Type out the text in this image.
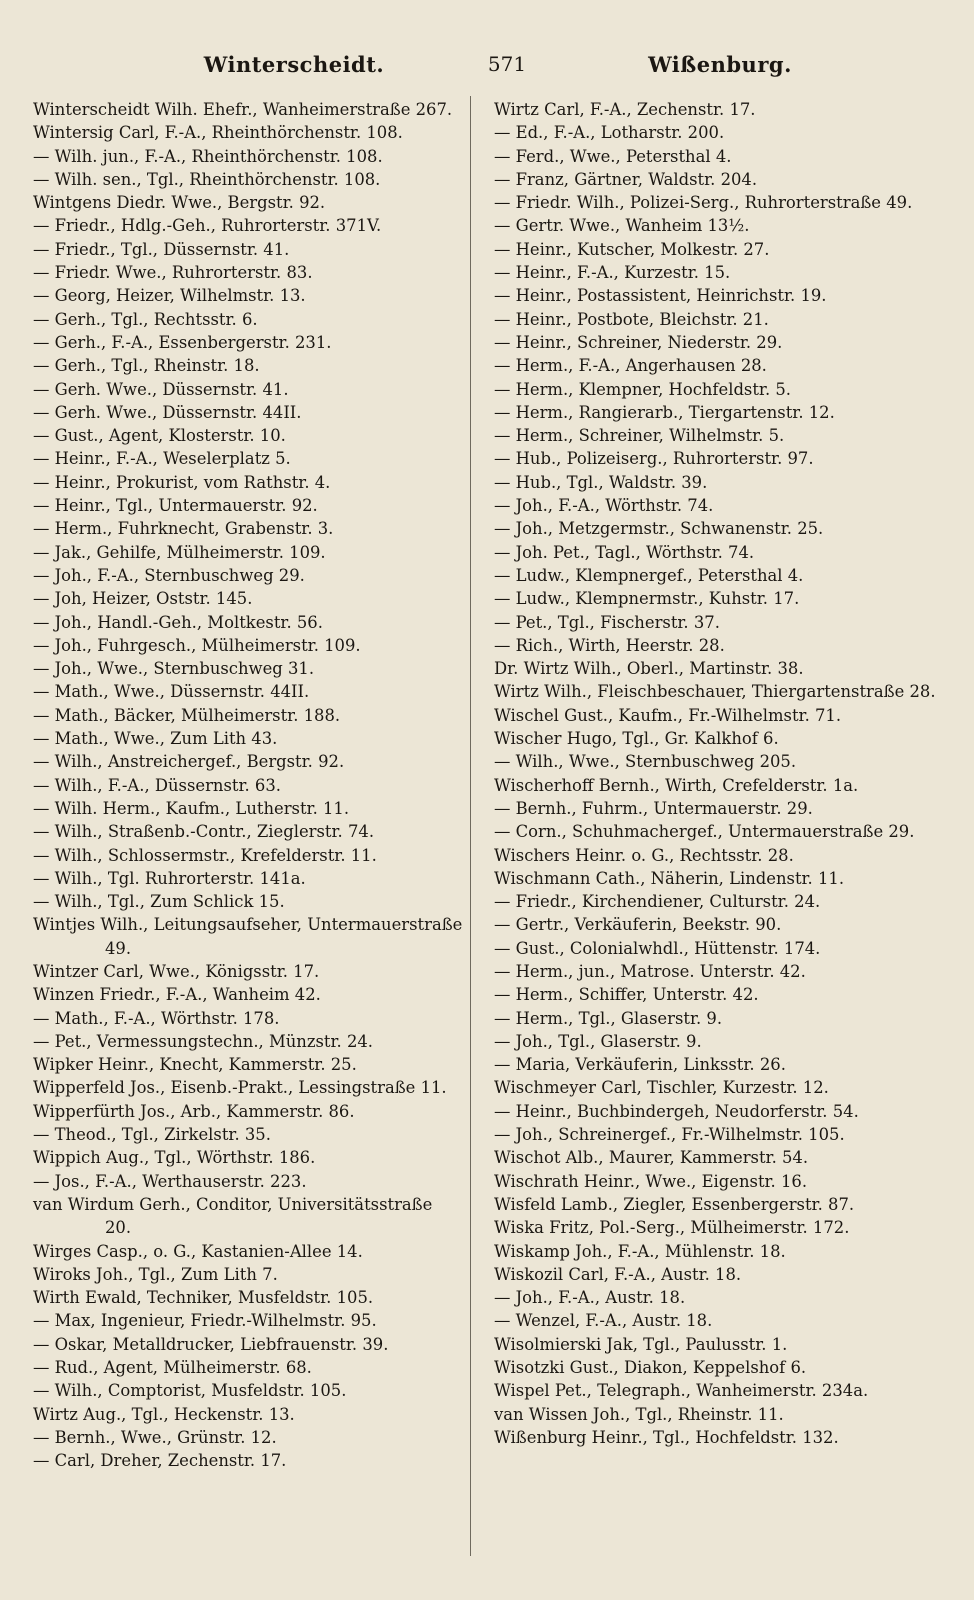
Winterscheidt.	571	Wißenburg.

Winterscheidt Wilh. Ehefr., Wanheimerstraße 267.

Wintersig Carl, F.-A., Rheinthörchenstr. 108.

— Wilh. jun., F.-A., Rheinthörchenstr. 108.

— Wilh. sen., Tgl., Rheinthörchenstr. 108.

Wintgens Diedr. Wwe., Bergstr. 92.

— Friedr., Hdlg.-Geh., Ruhrorterstr. 371V.

— Friedr., Tgl., Düssernstr. 41.

— Friedr. Wwe., Ruhrorterstr. 83.

— Georg, Heizer, Wilhelmstr. 13.

— Gerh., Tgl., Rechtsstr. 6.

— Gerh., F.-A., Essenbergerstr. 231.

— Gerh., Tgl., Rheinstr. 18.

— Gerh. Wwe., Düssernstr. 41.

— Gerh. Wwe., Düssernstr. 44II.

— Gust., Agent, Klosterstr. 10.

— Heinr., F.-A., Weselerplatz 5.

— Heinr., Prokurist, vom Rathstr. 4.

— Heinr., Tgl., Untermauerstr. 92.

— Herm., Fuhrknecht, Grabenstr. 3.

— Jak., Gehilfe, Mülheimerstr. 109.

— Joh., F.-A., Sternbuschweg 29.

— Joh, Heizer, Oststr. 145.

— Joh., Handl.-Geh., Moltkestr. 56.

— Joh., Fuhrgesch., Mülheimerstr. 109.

— Joh., Wwe., Sternbuschweg 31.

— Math., Wwe., Düssernstr. 44II.

— Math., Bäcker, Mülheimerstr. 188.

— Math., Wwe., Zum Lith 43.

— Wilh., Anstreichergef., Bergstr. 92.

— Wilh., F.-A., Düssernstr. 63.

— Wilh. Herm., Kaufm., Lutherstr. 11.

— Wilh., Straßenb.-Contr., Zieglerstr. 74.

— Wilh., Schlossermstr., Krefelderstr. 11.

— Wilh., Tgl. Ruhrorterstr. 141a.

— Wilh., Tgl., Zum Schlick 15.

Wintjes Wilh., Leitungsaufseher, Untermauerstraße 49.

Wintzer Carl, Wwe., Königsstr. 17.

Winzen Friedr., F.-A., Wanheim 42.

— Math., F.-A., Wörthstr. 178.

— Pet., Vermessungstechn., Münzstr. 24.

Wipker Heinr., Knecht, Kammerstr. 25.

Wipperfeld Jos., Eisenb.-Prakt., Lessingstraße 11.

Wipperfürth Jos., Arb., Kammerstr. 86.

— Theod., Tgl., Zirkelstr. 35.

Wippich Aug., Tgl., Wörthstr. 186.

— Jos., F.-A., Werthauserstr. 223.

van Wirdum Gerh., Conditor, Universitätsstraße 20.

Wirges Casp., o. G., Kastanien-Allee 14.

Wiroks Joh., Tgl., Zum Lith 7.

Wirth Ewald, Techniker, Musfeldstr. 105.

— Max, Ingenieur, Friedr.-Wilhelmstr. 95.

— Oskar, Metalldrucker, Liebfrauenstr. 39.

— Rud., Agent, Mülheimerstr. 68.

— Wilh., Comptorist, Musfeldstr. 105.

Wirtz Aug., Tgl., Heckenstr. 13.

— Bernh., Wwe., Grünstr. 12.

— Carl, Dreher, Zechenstr. 17.

Wirtz Carl, F.-A., Zechenstr. 17.

— Ed., F.-A., Lotharstr. 200.

— Ferd., Wwe., Petersthal 4.

— Franz, Gärtner, Waldstr. 204.

— Friedr. Wilh., Polizei-Serg., Ruhrorterstraße 49.

— Gertr. Wwe., Wanheim 13½.

— Heinr., Kutscher, Molkestr. 27.

— Heinr., F.-A., Kurzestr. 15.

— Heinr., Postassistent, Heinrichstr. 19.

— Heinr., Postbote, Bleichstr. 21.

— Heinr., Schreiner, Niederstr. 29.

— Herm., F.-A., Angerhausen 28.

— Herm., Klempner, Hochfeldstr. 5.

— Herm., Rangierarb., Tiergartenstr. 12.

— Herm., Schreiner, Wilhelmstr. 5.

— Hub., Polizeiserg., Ruhrorterstr. 97.

— Hub., Tgl., Waldstr. 39.

— Joh., F.-A., Wörthstr. 74.

— Joh., Metzgermstr., Schwanenstr. 25.

— Joh. Pet., Tagl., Wörthstr. 74.

— Ludw., Klempnergef., Petersthal 4.

— Ludw., Klempnermstr., Kuhstr. 17.

— Pet., Tgl., Fischerstr. 37.

— Rich., Wirth, Heerstr. 28.

Dr. Wirtz Wilh., Oberl., Martinstr. 38.

Wirtz Wilh., Fleischbeschauer, Thiergartenstraße 28.

Wischel Gust., Kaufm., Fr.-Wilhelmstr. 71.

Wischer Hugo, Tgl., Gr. Kalkhof 6.

— Wilh., Wwe., Sternbuschweg 205.

Wischerhoff Bernh., Wirth, Crefelderstr. 1a.

— Bernh., Fuhrm., Untermauerstr. 29.

— Corn., Schuhmachergef., Untermauerstraße 29.

Wischers Heinr. o. G., Rechtsstr. 28.

Wischmann Cath., Näherin, Lindenstr. 11.

— Friedr., Kirchendiener, Culturstr. 24.

— Gertr., Verkäuferin, Beekstr. 90.

— Gust., Colonialwhdl., Hüttenstr. 174.

— Herm., jun., Matrose. Unterstr. 42.

— Herm., Schiffer, Unterstr. 42.

— Herm., Tgl., Glaserstr. 9.

— Joh., Tgl., Glaserstr. 9.

— Maria, Verkäuferin, Linksstr. 26.

Wischmeyer Carl, Tischler, Kurzestr. 12.

— Heinr., Buchbindergeh, Neudorferstr. 54.

— Joh., Schreinergef., Fr.-Wilhelmstr. 105.

Wischot Alb., Maurer, Kammerstr. 54.

Wischrath Heinr., Wwe., Eigenstr. 16.

Wisfeld Lamb., Ziegler, Essenbergerstr. 87.

Wiska Fritz, Pol.-Serg., Mülheimerstr. 172.

Wiskamp Joh., F.-A., Mühlenstr. 18.

Wiskozil Carl, F.-A., Austr. 18.

— Joh., F.-A., Austr. 18.

— Wenzel, F.-A., Austr. 18.

Wisolmierski Jak, Tgl., Paulusstr. 1.

Wisotzki Gust., Diakon, Keppelshof 6.

Wispel Pet., Telegraph., Wanheimerstr. 234a.

van Wissen Joh., Tgl., Rheinstr. 11.

Wißenburg Heinr., Tgl., Hochfeldstr. 132.
